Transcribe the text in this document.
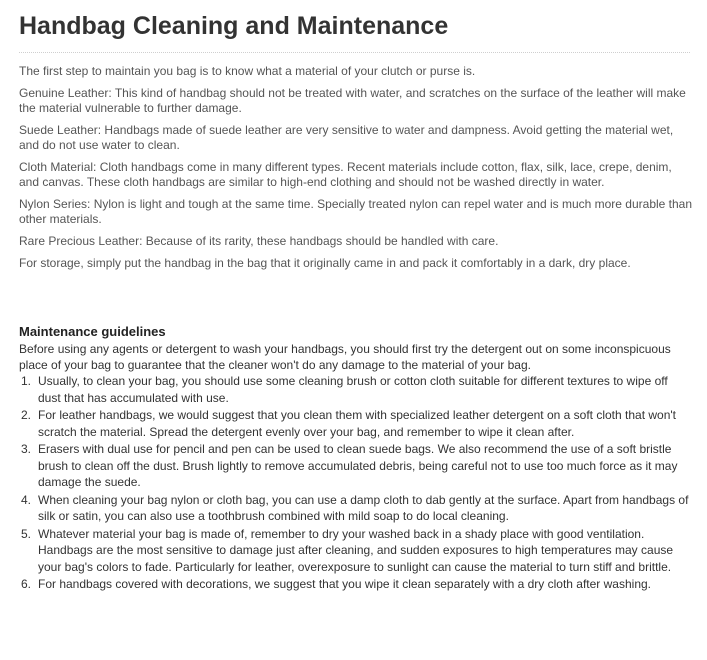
Handbag Cleaning and Maintenance

The first step to maintain you bag is to know what a material of your clutch or purse is.

Genuine Leather: This kind of handbag should not be treated with water, and scratches on the surface of the leather will make the material vulnerable to further damage.

Suede Leather: Handbags made of suede leather are very sensitive to water and dampness. Avoid getting the material wet, and do not use water to clean.

Cloth Material: Cloth handbags come in many different types. Recent materials include cotton, flax, silk, lace, crepe, denim, and canvas. These cloth handbags are similar to high-end clothing and should not be washed directly in water.

Nylon Series: Nylon is light and tough at the same time. Specially treated nylon can repel water and is much more durable than other materials.

Rare Precious Leather: Because of its rarity, these handbags should be handled with care.

For storage, simply put the handbag in the bag that it originally came in and pack it comfortably in a dark, dry place.

Maintenance guidelines

Before using any agents or detergent to wash your handbags, you should first try the detergent out on some inconspicuous place of your bag to guarantee that the cleaner won't do any damage to the material of your bag.

1. Usually, to clean your bag, you should use some cleaning brush or cotton cloth suitable for different textures to wipe off dust that has accumulated with use.
2. For leather handbags, we would suggest that you clean them with specialized leather detergent on a soft cloth that won't scratch the material. Spread the detergent evenly over your bag, and remember to wipe it clean after.
3. Erasers with dual use for pencil and pen can be used to clean suede bags. We also recommend the use of a soft bristle brush to clean off the dust. Brush lightly to remove accumulated debris, being careful not to use too much force as it may damage the suede.
4. When cleaning your bag nylon or cloth bag, you can use a damp cloth to dab gently at the surface. Apart from handbags of silk or satin, you can also use a toothbrush combined with mild soap to do local cleaning.
5. Whatever material your bag is made of, remember to dry your washed back in a shady place with good ventilation. Handbags are the most sensitive to damage just after cleaning, and sudden exposures to high temperatures may cause your bag's colors to fade. Particularly for leather, overexposure to sunlight can cause the material to turn stiff and brittle.
6. For handbags covered with decorations, we suggest that you wipe it clean separately with a dry cloth after washing.
